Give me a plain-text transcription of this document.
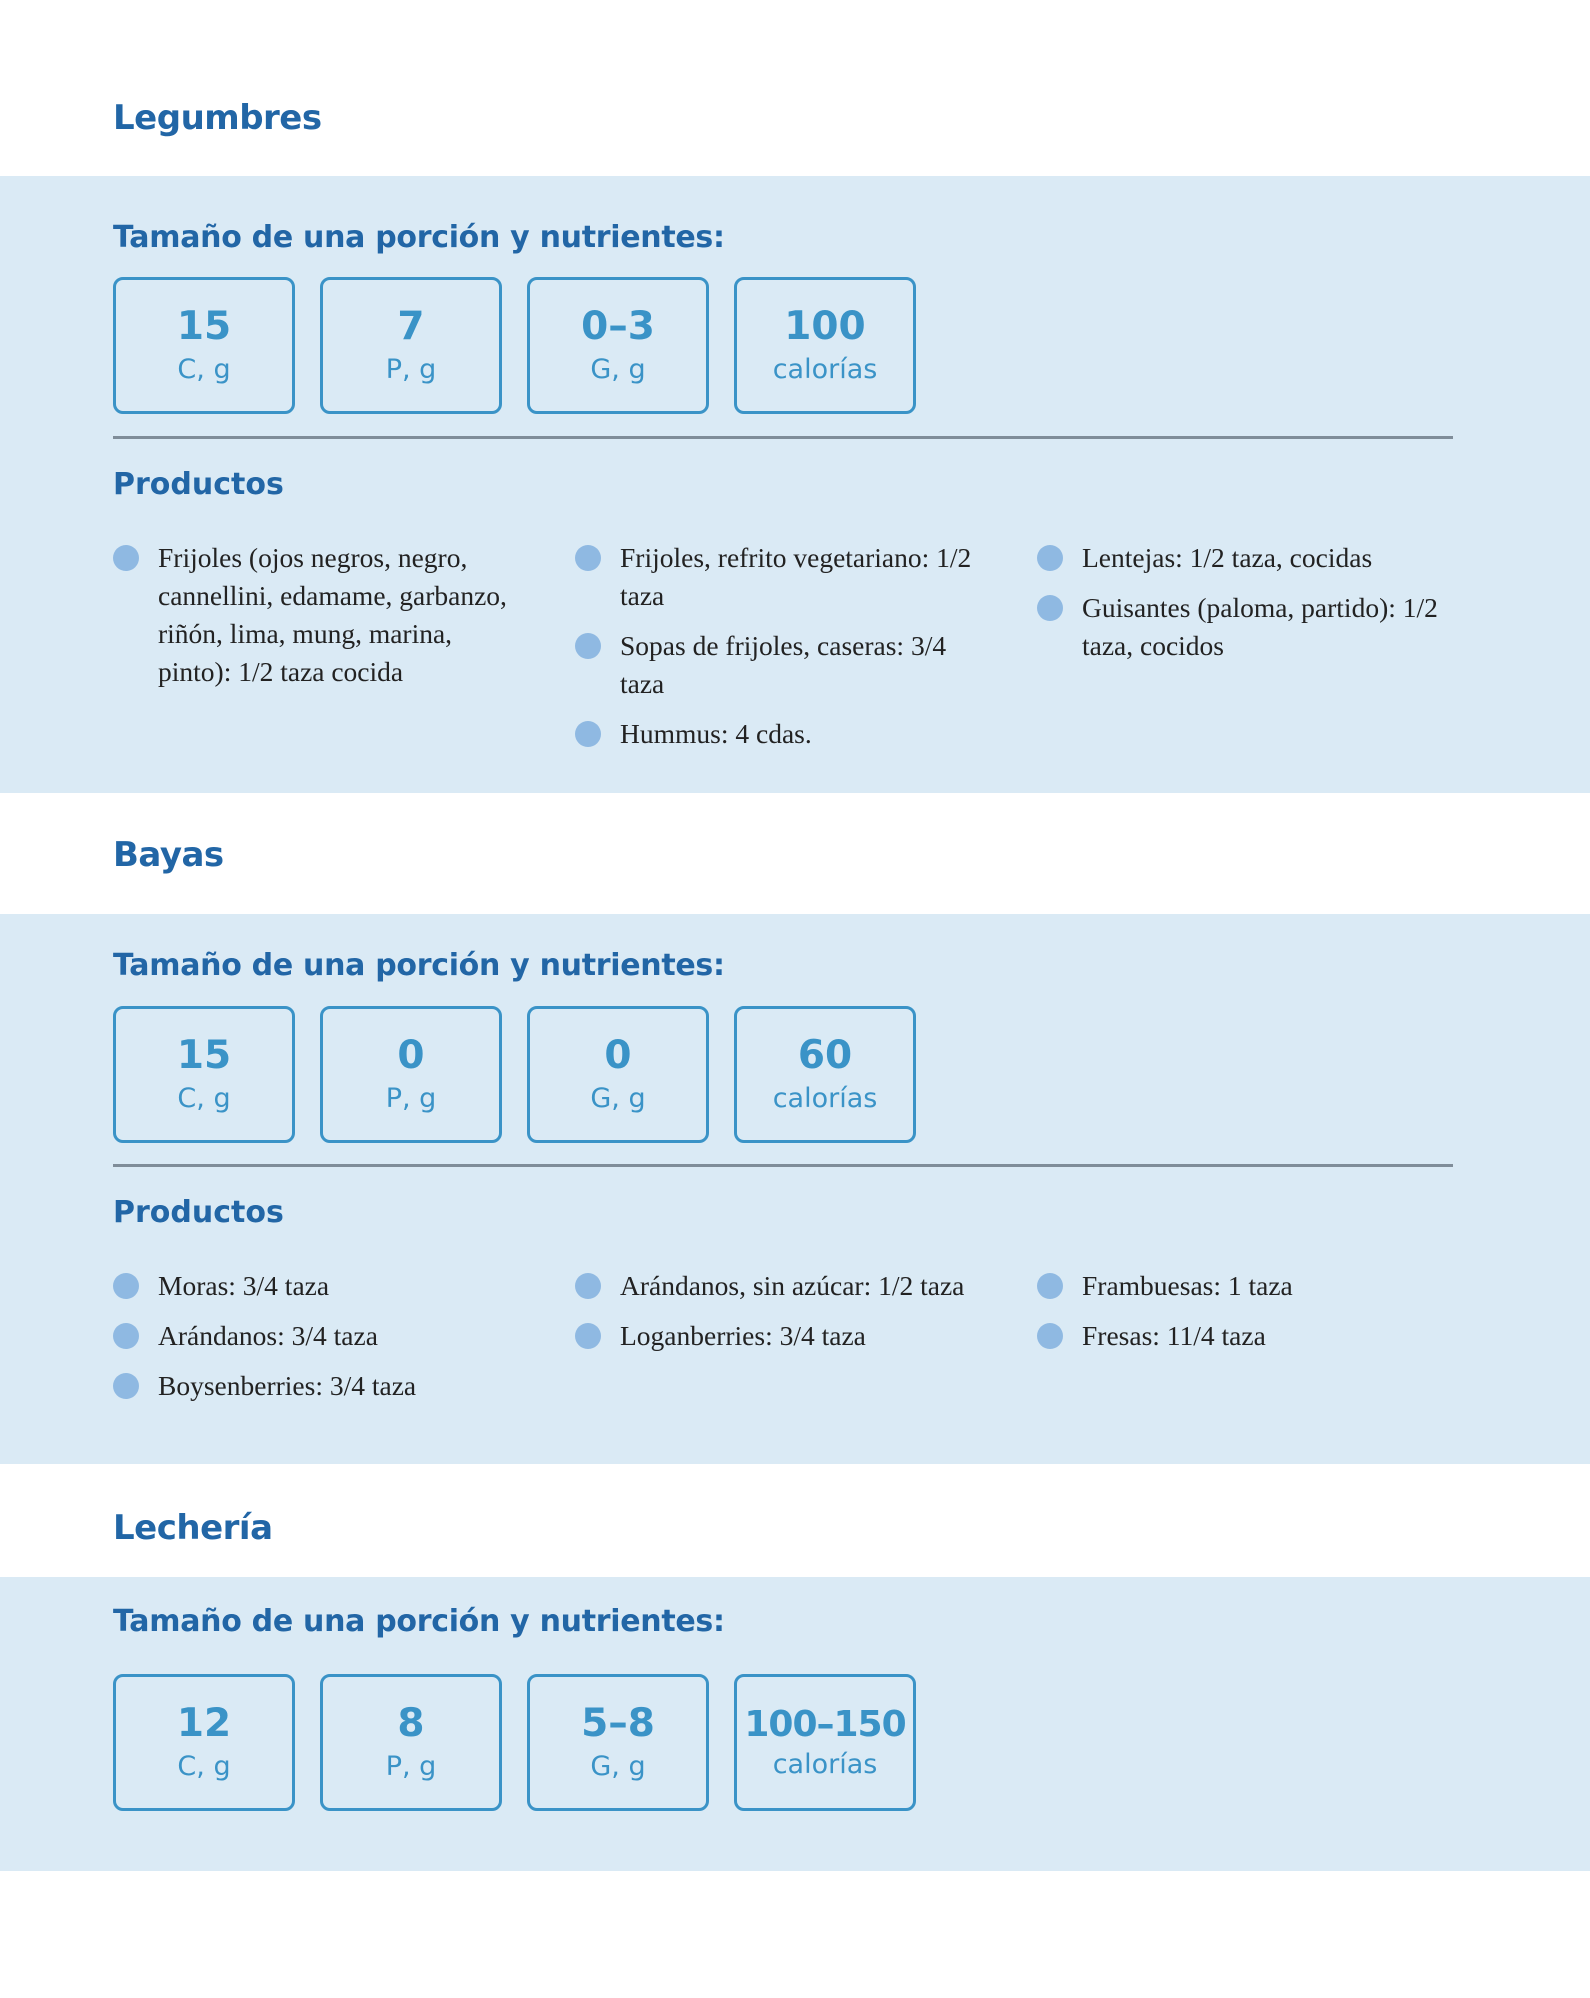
Legumbres
Tamaño de una porción y nutrientes:
15
C, g
7
P, g
0–3
G, g
100
calorías
Productos
Frijoles (ojos negros, negro, cannellini, edamame, garbanzo, riñón, lima, mung, marina, pinto): 1/2 taza cocida
Frijoles, refrito vegetariano: 1/2 taza
Sopas de frijoles, caseras: 3/4 taza
Hummus: 4 cdas.
Lentejas: 1/2 taza, cocidas
Guisantes (paloma, partido): 1/2 taza, cocidos
Bayas
Tamaño de una porción y nutrientes:
15
C, g
0
P, g
0
G, g
60
calorías
Productos
Moras: 3/4 taza
Arándanos: 3/4 taza
Boysenberries: 3/4 taza
Arándanos, sin azúcar: 1/2 taza
Loganberries: 3/4 taza
Frambuesas: 1 taza
Fresas: 11/4 taza
Lechería
Tamaño de una porción y nutrientes:
12
C, g
8
P, g
5–8
G, g
100–150
calorías
